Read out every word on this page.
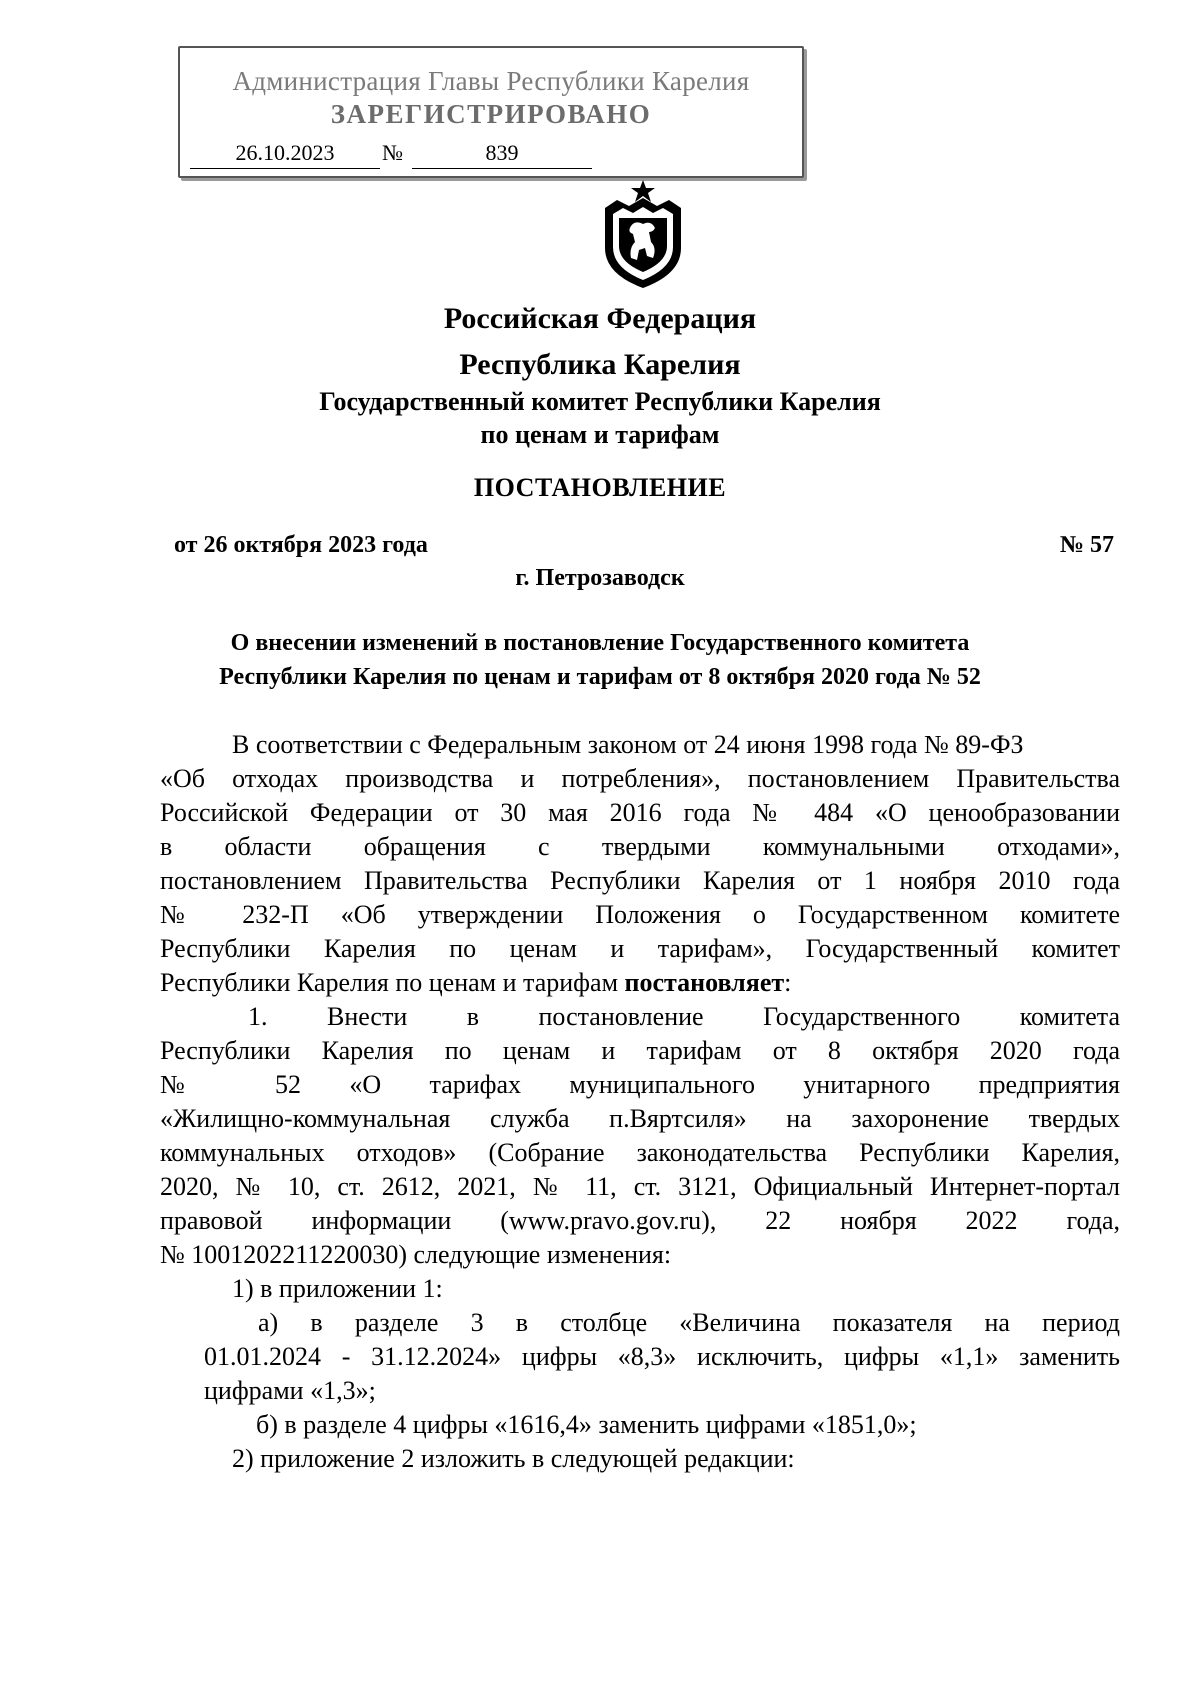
Администрация Главы Республики Карелия
ЗАРЕГИСТРИРОВАНО
26.10.2023	№	839
Российская Федерация
Республика Карелия
Государственный комитет Республики Карелия
по ценам и тарифам
ПОСТАНОВЛЕНИЕ
от 26 октября 2023 года	№ 57
г. Петрозаводск
О внесении изменений в постановление Государственного комитета
Республики Карелия по ценам и тарифам от 8 октября 2020 года № 52
В соответствии с Федеральным законом от 24 июня 1998 года № 89-ФЗ
«Об отходах производства и потребления», постановлением Правительства
Российской Федерации от 30 мая 2016 года № 484 «О ценообразовании
в области обращения с твердыми коммунальными отходами»,
постановлением Правительства Республики Карелия от 1 ноября 2010 года
№ 232-П «Об утверждении Положения о Государственном комитете
Республики Карелия по ценам и тарифам», Государственный комитет
Республики Карелия по ценам и тарифам постановляет:
1. Внести в постановление Государственного комитета
Республики Карелия по ценам и тарифам от 8 октября 2020 года
№ 52 «О тарифах муниципального унитарного предприятия
«Жилищно-коммунальная служба п.Вяртсиля» на захоронение твердых
коммунальных отходов» (Собрание законодательства Республики Карелия,
2020, № 10, ст. 2612, 2021, № 11, ст. 3121, Официальный Интернет-портал
правовой информации (www.pravo.gov.ru), 22 ноября 2022 года,
№ 1001202211220030) следующие изменения:
1) в приложении 1:
а) в разделе 3 в столбце «Величина показателя на период
01.01.2024 - 31.12.2024» цифры «8,3» исключить, цифры «1,1» заменить
цифрами «1,3»;
б) в разделе 4 цифры «1616,4» заменить цифрами «1851,0»;
2) приложение 2 изложить в следующей редакции:
